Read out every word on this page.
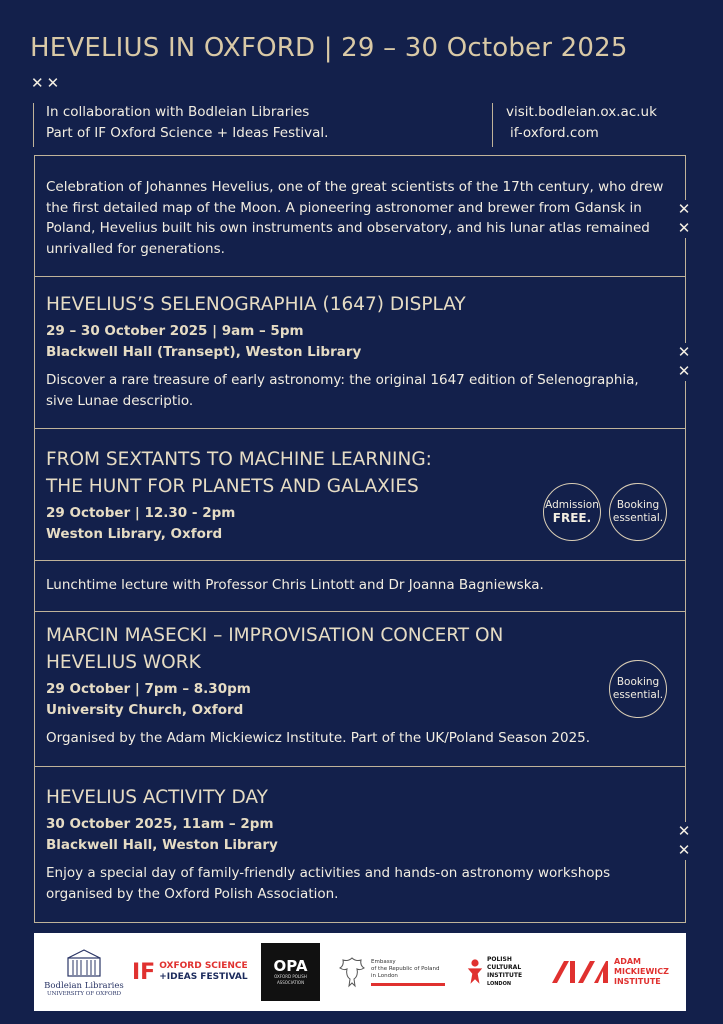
HEVELIUS IN OXFORD | 29 – 30 October 2025
✕✕
In collaboration with Bodleian Libraries
Part of IF Oxford Science + Ideas Festival.
visit.bodleian.ox.ac.uk
if-oxford.com
✕
✕
✕
✕
✕
✕

Celebration of Johannes Hevelius, one of the great scientists of the 17th century, who drew the first detailed map of the Moon. A pioneering astronomer and brewer from Gdansk in Poland, Hevelius built his own instruments and observatory, and his lunar atlas remained unrivalled for generations.

HEVELIUS’S SELENOGRAPHIA (1647) DISPLAY
29 – 30 October 2025 | 9am – 5pm
Blackwell Hall (Transept), Weston Library

Discover a rare treasure of early astronomy: the original 1647 edition of Selenographia, sive Lunae descriptio.

FROM SEXTANTS TO MACHINE LEARNING:
THE HUNT FOR PLANETS AND GALAXIES
29 October | 12.30 - 2pm
Weston Library, Oxford
Admission
FREE.
Booking
essential.

Lunchtime lecture with Professor Chris Lintott and Dr Joanna Bagniewska.

MARCIN MASECKI – IMPROVISATION CONCERT ON
HEVELIUS WORK
29 October | 7pm – 8.30pm
University Church, Oxford

Organised by the Adam Mickiewicz Institute. Part of the UK/Poland Season 2025.

Booking
essential.
HEVELIUS ACTIVITY DAY
30 October 2025, 11am – 2pm
Blackwell Hall, Weston Library

Enjoy a special day of family-friendly activities and hands-on astronomy workshops organised by the Oxford Polish Association.

Bodleian Libraries
UNIVERSITY OF OXFORD
IF OXFORD SCIENCE
+IDEAS FESTIVAL
OPA
OXFORD POLISH ASSOCIATION
Embassy
of the Republic of Poland
in London
POLISH CULTURAL
INSTITUTE
LONDON
ADAM
MICKIEWICZ
INSTITUTE
